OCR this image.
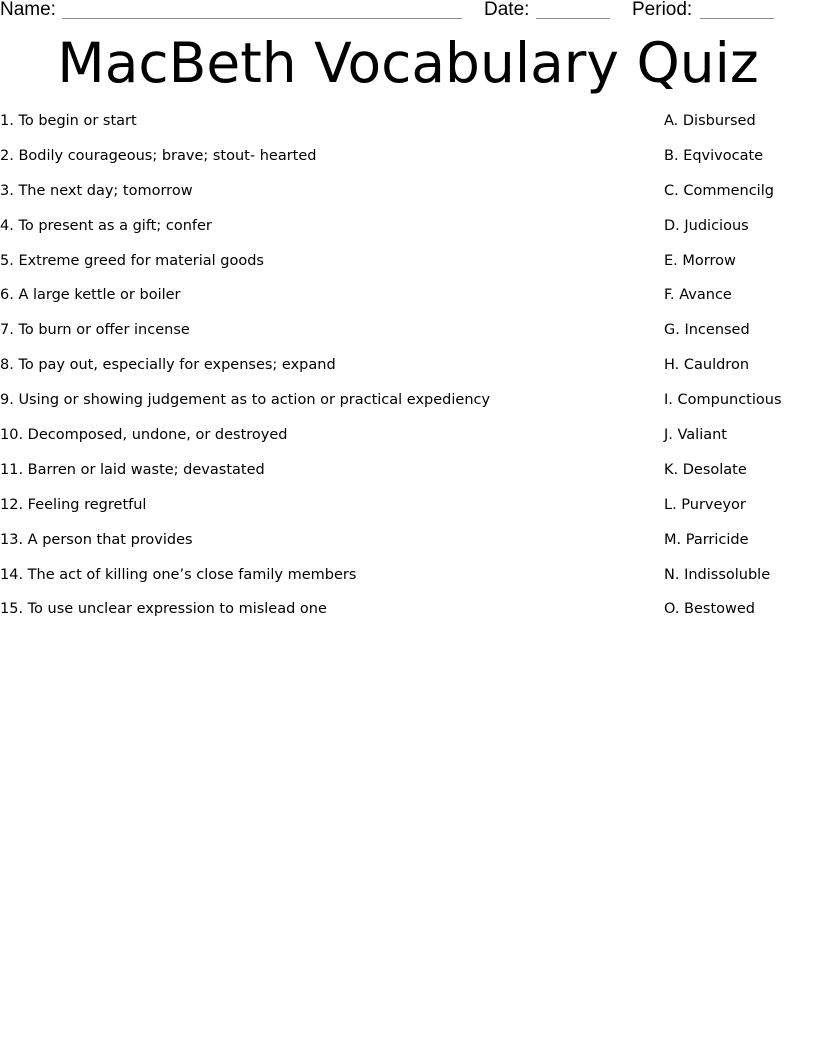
Name:	Date:	Period:
MacBeth Vocabulary Quiz
1. To begin or start
2. Bodily courageous; brave; stout- hearted
3. The next day; tomorrow
4. To present as a gift; confer
5. Extreme greed for material goods
6. A large kettle or boiler
7. To burn or offer incense
8. To pay out, especially for expenses; expand
9. Using or showing judgement as to action or practical expediency
10. Decomposed, undone, or destroyed
11. Barren or laid waste; devastated
12. Feeling regretful
13. A person that provides
14. The act of killing one’s close family members
15. To use unclear expression to mislead one
A. Disbursed
B. Eqvivocate
C. Commencilg
D. Judicious
E. Morrow
F. Avance
G. Incensed
H. Cauldron
I. Compunctious
J. Valiant
K. Desolate
L. Purveyor
M. Parricide
N. Indissoluble
O. Bestowed
